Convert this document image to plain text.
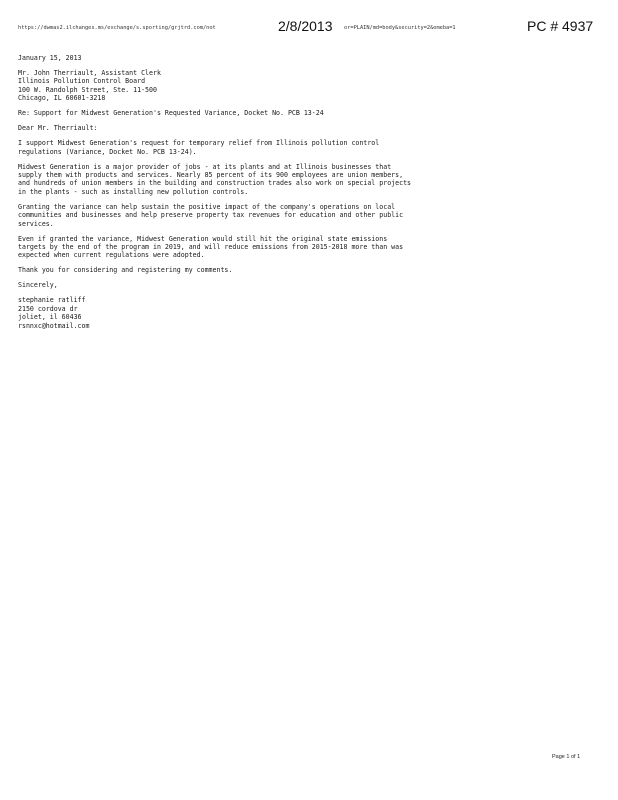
https://dwmas2.ilchanges.ms/exchange/s.sporting/grjtrd.com/not	2/8/2013 or=PLAIN/md=body&security=2&omeba=1	PC # 4937
January 15, 2013
Mr. John Therriault, Assistant Clerk
Illinois Pollution Control Board
100 W. Randolph Street, Ste. 11-500
Chicago, IL 60601-3218
Re: Support for Midwest Generation's Requested Variance, Docket No. PCB 13-24
Dear Mr. Therriault:
I support Midwest Generation's request for temporary relief from Illinois pollution control
regulations (Variance, Docket No. PCB 13-24).
Midwest Generation is a major provider of jobs - at its plants and at Illinois businesses that
supply them with products and services. Nearly 85 percent of its 900 employees are union members,
and hundreds of union members in the building and construction trades also work on special projects
in the plants - such as installing new pollution controls.
Granting the variance can help sustain the positive impact of the company's operations on local
communities and businesses and help preserve property tax revenues for education and other public
services.
Even if granted the variance, Midwest Generation would still hit the original state emissions
targets by the end of the program in 2019, and will reduce emissions from 2015-2018 more than was
expected when current regulations were adopted.
Thank you for considering and registering my comments.
Sincerely,
stephanie ratliff
2150 cordova dr
joliet, il 60436
rsnnxc@hotmail.com
Page 1 of 1
